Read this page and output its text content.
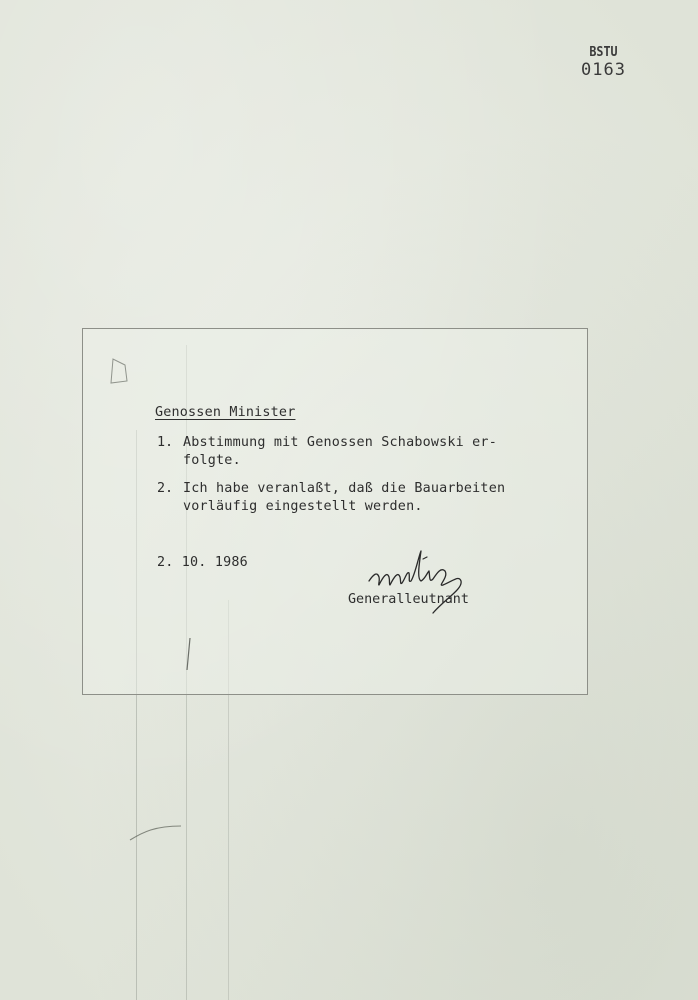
BSTU
0163
Genossen Minister
1. Abstimmung mit Genossen Schabowski er-
folgte.
2. Ich habe veranlaßt, daß die Bauarbeiten
vorläufig eingestellt werden.
2. 10. 1986
Generalleutnant
